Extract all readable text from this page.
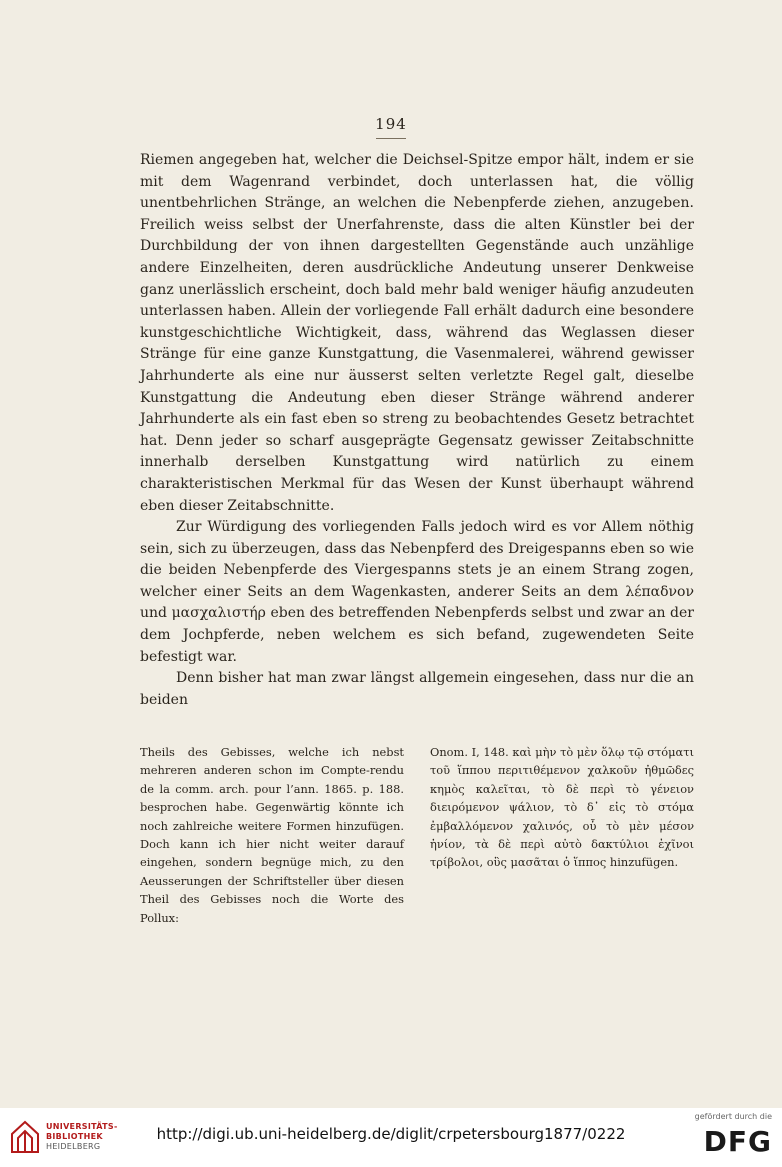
194

Riemen angegeben hat, welcher die Deichsel-Spitze empor hält, indem er sie mit dem Wagenrand verbindet, doch unterlassen hat, die völlig unentbehrlichen Stränge, an welchen die Nebenpferde ziehen, anzugeben. Freilich weiss selbst der Unerfahrenste, dass die alten Künstler bei der Durchbildung der von ihnen dargestellten Gegenstände auch unzählige andere Einzelheiten, deren ausdrückliche Andeutung unserer Denkweise ganz unerlässlich erscheint, doch bald mehr bald weniger häufig anzudeuten unterlassen haben. Allein der vorliegende Fall erhält dadurch eine besondere kunstgeschichtliche Wichtigkeit, dass, während das Weglassen dieser Stränge für eine ganze Kunstgattung, die Vasenmalerei, während gewisser Jahrhunderte als eine nur äusserst selten verletzte Regel galt, dieselbe Kunstgattung die Andeutung eben dieser Stränge während anderer Jahrhunderte als ein fast eben so streng zu beobachtendes Gesetz betrachtet hat. Denn jeder so scharf ausgeprägte Gegensatz gewisser Zeitabschnitte innerhalb derselben Kunstgattung wird natürlich zu einem charakteristischen Merkmal für das Wesen der Kunst überhaupt während eben dieser Zeitabschnitte.

Zur Würdigung des vorliegenden Falls jedoch wird es vor Allem nöthig sein, sich zu überzeugen, dass das Nebenpferd des Dreigespanns eben so wie die beiden Nebenpferde des Viergespanns stets je an einem Strang zogen, welcher einer Seits an dem Wagenkasten, anderer Seits an dem λέπαδνον und μασχαλιστήρ eben des betreffenden Nebenpferds selbst und zwar an der dem Jochpferde, neben welchem es sich befand, zugewendeten Seite befestigt war.

Denn bisher hat man zwar längst allgemein eingesehen, dass nur die an beiden

Theils des Gebisses, welche ich nebst mehreren anderen schon im Compte-rendu de la comm. arch. pour l’ann. 1865. p. 188. besprochen habe. Gegenwärtig könnte ich noch zahlreiche weitere Formen hinzufügen. Doch kann ich hier nicht weiter darauf eingehen, sondern begnüge mich, zu den Aeusserungen der Schriftsteller über diesen Theil des Gebisses noch die Worte des Pollux:
Onom. I, 148. καὶ μὴν τὸ μὲν ὅλῳ τῷ στόματι τοῦ ἵππου περιτιθέμενον χαλκοῦν ἠθμῶδες κημὸς καλεῖται, τὸ δὲ περὶ τὸ γένειον διειρόμενον ψάλιον, τὸ δ᾽ εἰς τὸ στόμα ἐμβαλλόμενον χαλινός, οὗ τὸ μὲν μέσον ἡνίον, τὰ δὲ περὶ αὐτὸ δακτύλιοι ἐχῖνοι τρίβολοι, οὓς μασᾶται ὁ ἵππος hinzufügen.
UNIVERSITÄTS-
BIBLIOTHEK
HEIDELBERG
http://digi.ub.uni-heidelberg.de/diglit/crpetersbourg1877/0222
gefördert durch die
DFG
